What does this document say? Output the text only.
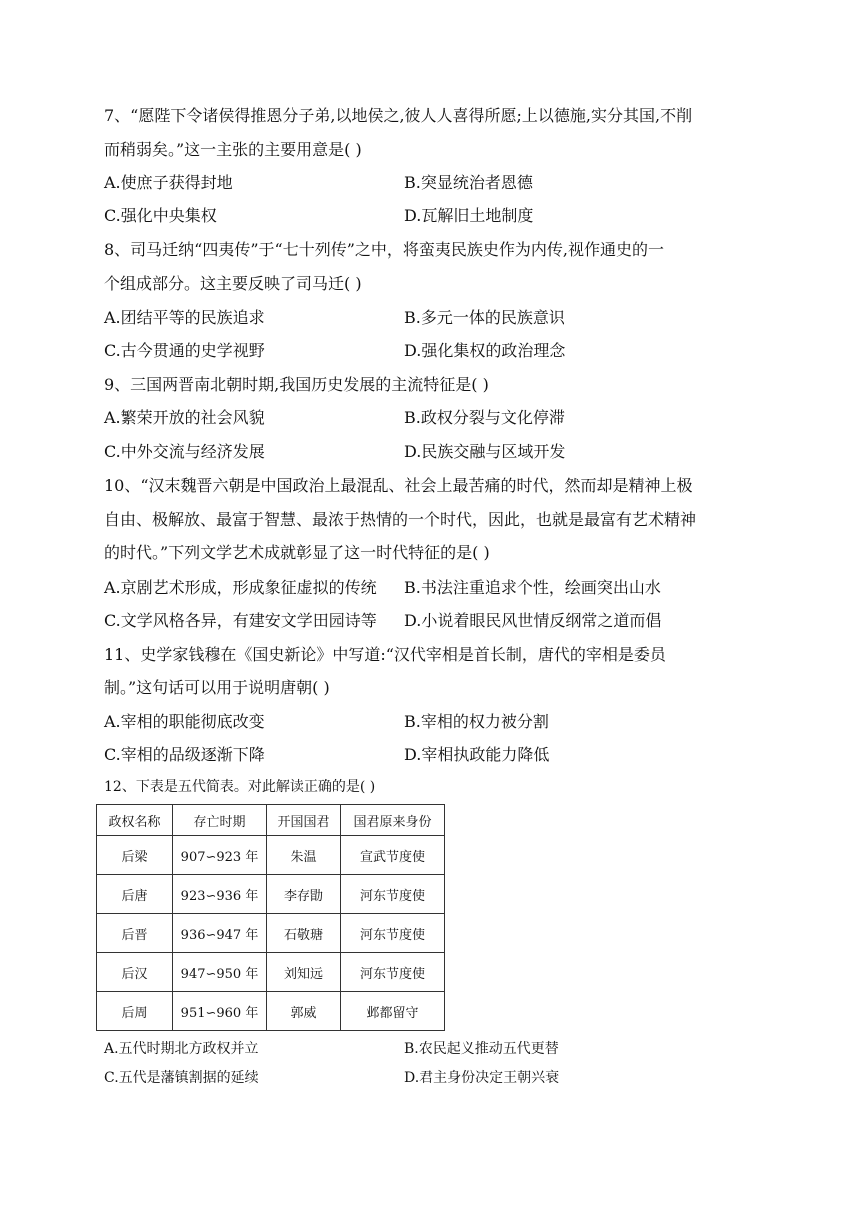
7、“愿陛下令诸侯得推恩分子弟,以地侯之,彼人人喜得所愿;上以德施,实分其国,不削
而稍弱矣。”这一主张的主要用意是( )
A.使庶子获得封地	B.突显统治者恩德
C.强化中央集权	D.瓦解旧土地制度
8、司马迁纳“四夷传”于“七十列传”之中，将蛮夷民族史作为内传,视作通史的一
个组成部分。这主要反映了司马迁( )
A.团结平等的民族追求	B.多元一体的民族意识
C.古今贯通的史学视野	D.强化集权的政治理念
9、三国两晋南北朝时期,我国历史发展的主流特征是( )
A.繁荣开放的社会风貌	B.政权分裂与文化停滞
C.中外交流与经济发展	D.民族交融与区域开发
10、“汉末魏晋六朝是中国政治上最混乱、社会上最苦痛的时代，然而却是精神上极
自由、极解放、最富于智慧、最浓于热情的一个时代，因此，也就是最富有艺术精神
的时代。”下列文学艺术成就彰显了这一时代特征的是( )
A.京剧艺术形成，形成象征虚拟的传统 B.书法注重追求个性，绘画突出山水
C.文学风格各异，有建安文学田园诗等 D.小说着眼民风世情反纲常之道而倡
11、史学家钱穆在《国史新论》中写道:“汉代宰相是首长制，唐代的宰相是委员
制。”这句话可以用于说明唐朝( )
A.宰相的职能彻底改变	B.宰相的权力被分割
C.宰相的品级逐渐下降	D.宰相执政能力降低
12、下表是五代简表。对此解读正确的是( )
政权名称	存亡时期	开国国君	国君原来身份
后梁	907∽923 年	朱温	宣武节度使
后唐	923∽936 年	李存勖	河东节度使
后晋	936∽947 年	石敬瑭	河东节度使
后汉	947∽950 年	刘知远	河东节度使
后周	951∽960 年	郭威	邺都留守
A.五代时期北方政权并立	B.农民起义推动五代更替
C.五代是藩镇割据的延续	D.君主身份决定王朝兴衰
